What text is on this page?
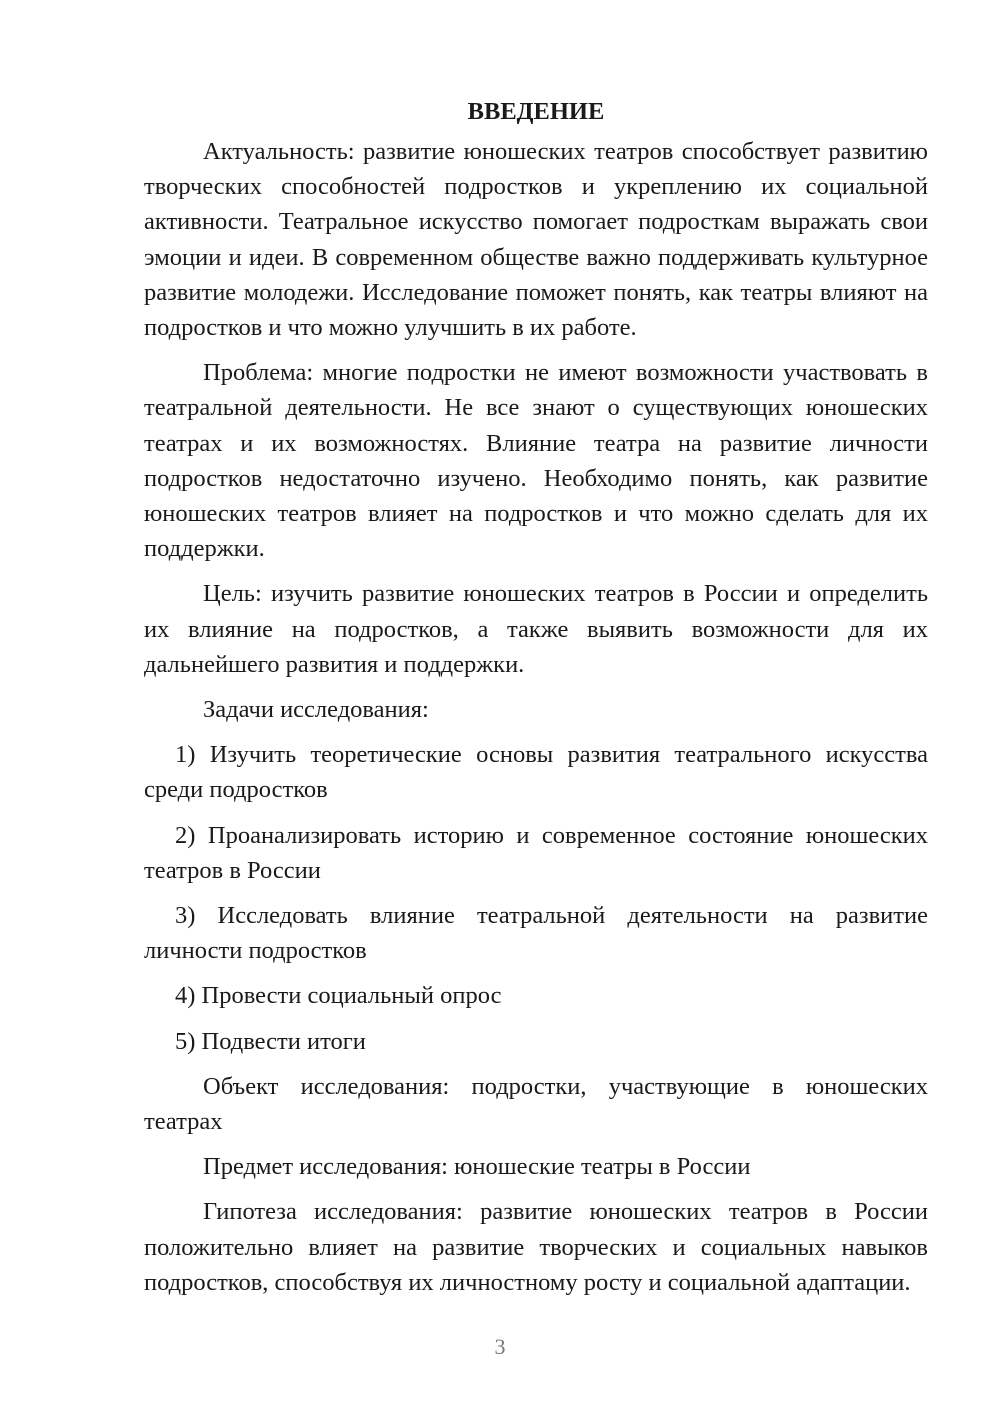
ВВЕДЕНИЕ

Актуальность: развитие юношеских театров способствует развитию творческих способностей подростков и укреплению их социальной активности. Театральное искусство помогает подросткам выражать свои эмоции и идеи. В современном обществе важно поддерживать культурное развитие молодежи. Исследование поможет понять, как театры влияют на подростков и что можно улучшить в их работе.

Проблема: многие подростки не имеют возможности участвовать в театральной деятельности. Не все знают о существующих юношеских театрах и их возможностях. Влияние театра на развитие личности подростков недостаточно изучено. Необходимо понять, как развитие юношеских театров влияет на подростков и что можно сделать для их поддержки.

Цель: изучить развитие юношеских театров в России и определить их влияние на подростков, а также выявить возможности для их дальнейшего развития и поддержки.

Задачи исследования:

1) Изучить теоретические основы развития театрального искусства среди подростков

2) Проанализировать историю и современное состояние юношеских театров в России

3) Исследовать влияние театральной деятельности на развитие личности подростков

4) Провести социальный опрос

5) Подвести итоги

Объект исследования: подростки, участвующие в юношеских театрах

Предмет исследования: юношеские театры в России

Гипотеза исследования: развитие юношеских театров в России положительно влияет на развитие творческих и социальных навыков подростков, способствуя их личностному росту и социальной адаптации.

3
